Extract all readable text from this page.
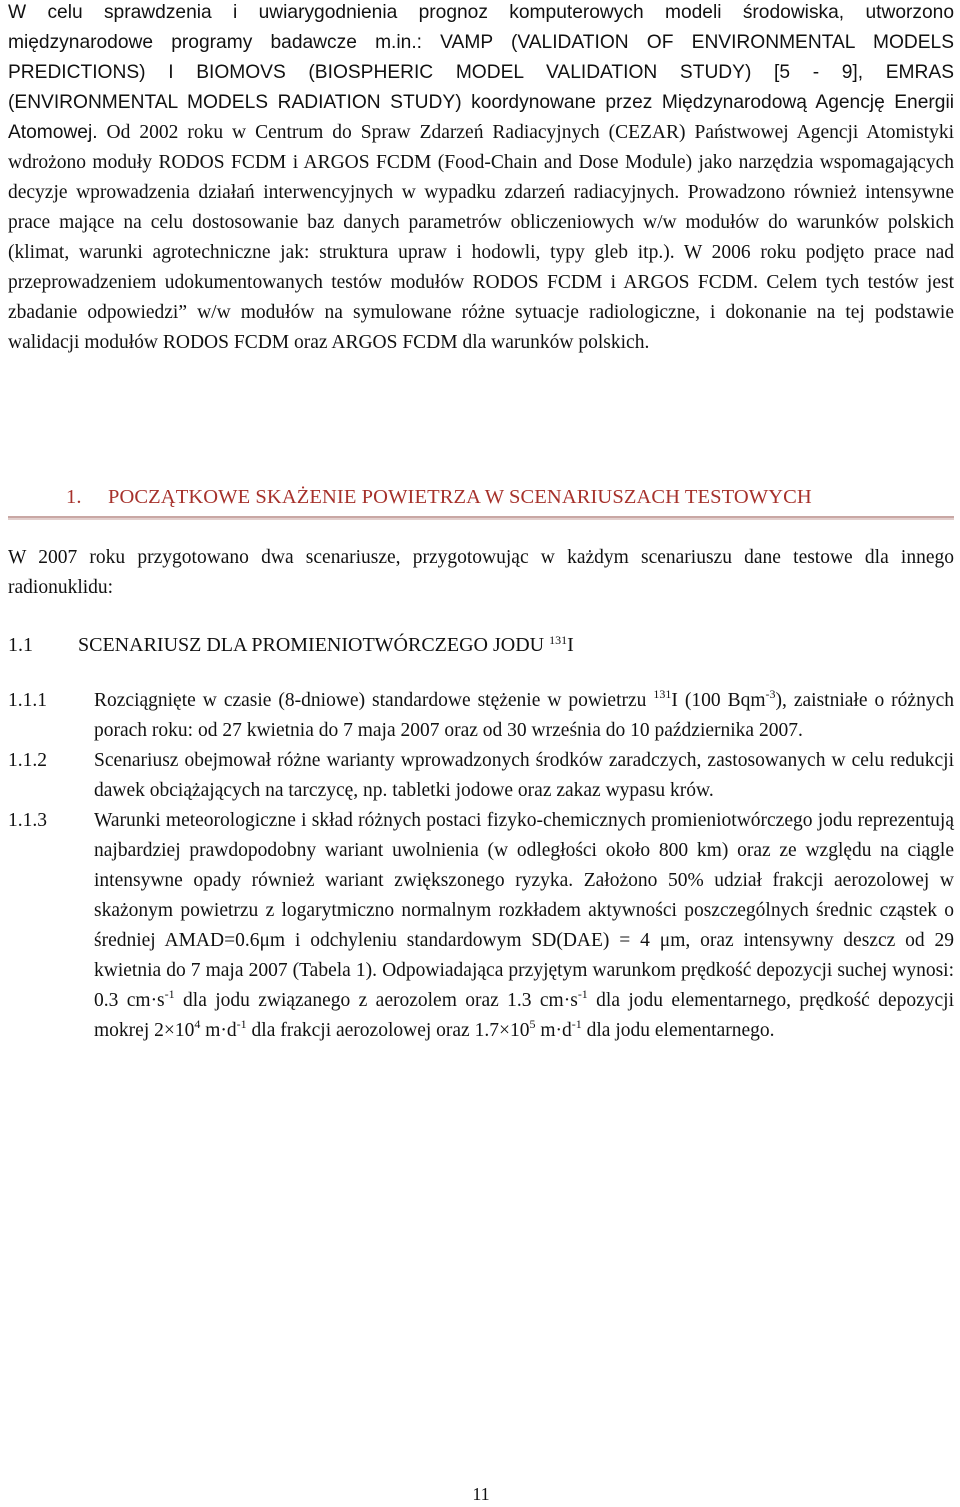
W celu sprawdzenia i uwiarygodnienia prognoz komputerowych modeli środowiska, utworzono międzynarodowe programy badawcze m.in.: VAMP (VALIDATION OF ENVIRONMENTAL MODELS PREDICTIONS) I BIOMOVS (BIOSPHERIC MODEL VALIDATION STUDY) [5 - 9], EMRAS (ENVIRONMENTAL MODELS RADIATION STUDY) koordynowane przez Międzynarodową Agencję Energii Atomowej. Od 2002 roku w Centrum do Spraw Zdarzeń Radiacyjnych (CEZAR) Państwowej Agencji Atomistyki wdrożono moduły RODOS FCDM i ARGOS FCDM (Food-Chain and Dose Module) jako narzędzia wspomagających decyzje wprowadzenia działań interwencyjnych w wypadku zdarzeń radiacyjnych. Prowadzono również intensywne prace mające na celu dostosowanie baz danych parametrów obliczeniowych w/w modułów do warunków polskich (klimat, warunki agrotechniczne jak: struktura upraw i hodowli, typy gleb itp.). W 2006 roku podjęto prace nad przeprowadzeniem udokumentowanych testów modułów RODOS FCDM i ARGOS FCDM. Celem tych testów jest zbadanie odpowiedzi” w/w modułów na symulowane różne sytuacje radiologiczne, i dokonanie na tej podstawie walidacji modułów RODOS FCDM oraz ARGOS FCDM dla warunków polskich.

1. POCZĄTKOWE SKAŻENIE POWIETRZA W SCENARIUSZACH TESTOWYCH

W 2007 roku przygotowano dwa scenariusze, przygotowując w każdym scenariuszu dane testowe dla innego radionuklidu:

1.1 SCENARIUSZ DLA PROMIENIOTWÓRCZEGO JODU $^{131}$I

1.1.1 Rozciągnięte w czasie (8-dniowe) standardowe stężenie w powietrzu $^{131}$I (100 Bqm$^{-3}$), zaistniałe o różnych porach roku: od 27 kwietnia do 7 maja 2007 oraz od 30 września do 10 października 2007.

1.1.2 Scenariusz obejmował różne warianty wprowadzonych środków zaradczych, zastosowanych w celu redukcji dawek obciążających na tarczycę, np. tabletki jodowe oraz zakaz wypasu krów.

1.1.3 Warunki meteorologiczne i skład różnych postaci fizyko-chemicznych promieniotwórczego jodu reprezentują najbardziej prawdopodobny wariant uwolnienia (w odległości około 800 km) oraz ze względu na ciągle intensywne opady również wariant zwiększonego ryzyka. Założono 50% udział frakcji aerozolowej w skażonym powietrzu z logarytmiczno normalnym rozkładem aktywności poszczególnych średnic cząstek o średniej AMAD=0.6μm i odchyleniu standardowym SD(DAE) = 4 μm, oraz intensywny deszcz od 29 kwietnia do 7 maja 2007 (Tabela 1). Odpowiadająca przyjętym warunkom prędkość depozycji suchej wynosi: 0.3 $cm\cdot s^{-1}$ dla jodu związanego z aerozolem oraz 1.3 $cm\cdot s^{-1}$ dla jodu elementarnego, prędkość depozycji mokrej $2\times 10^4$ $m\cdot d^{-1}$ dla frakcji aerozolowej oraz $1.7\times 10^5$ $m\cdot d^{-1}$ dla jodu elementarnego.

11
